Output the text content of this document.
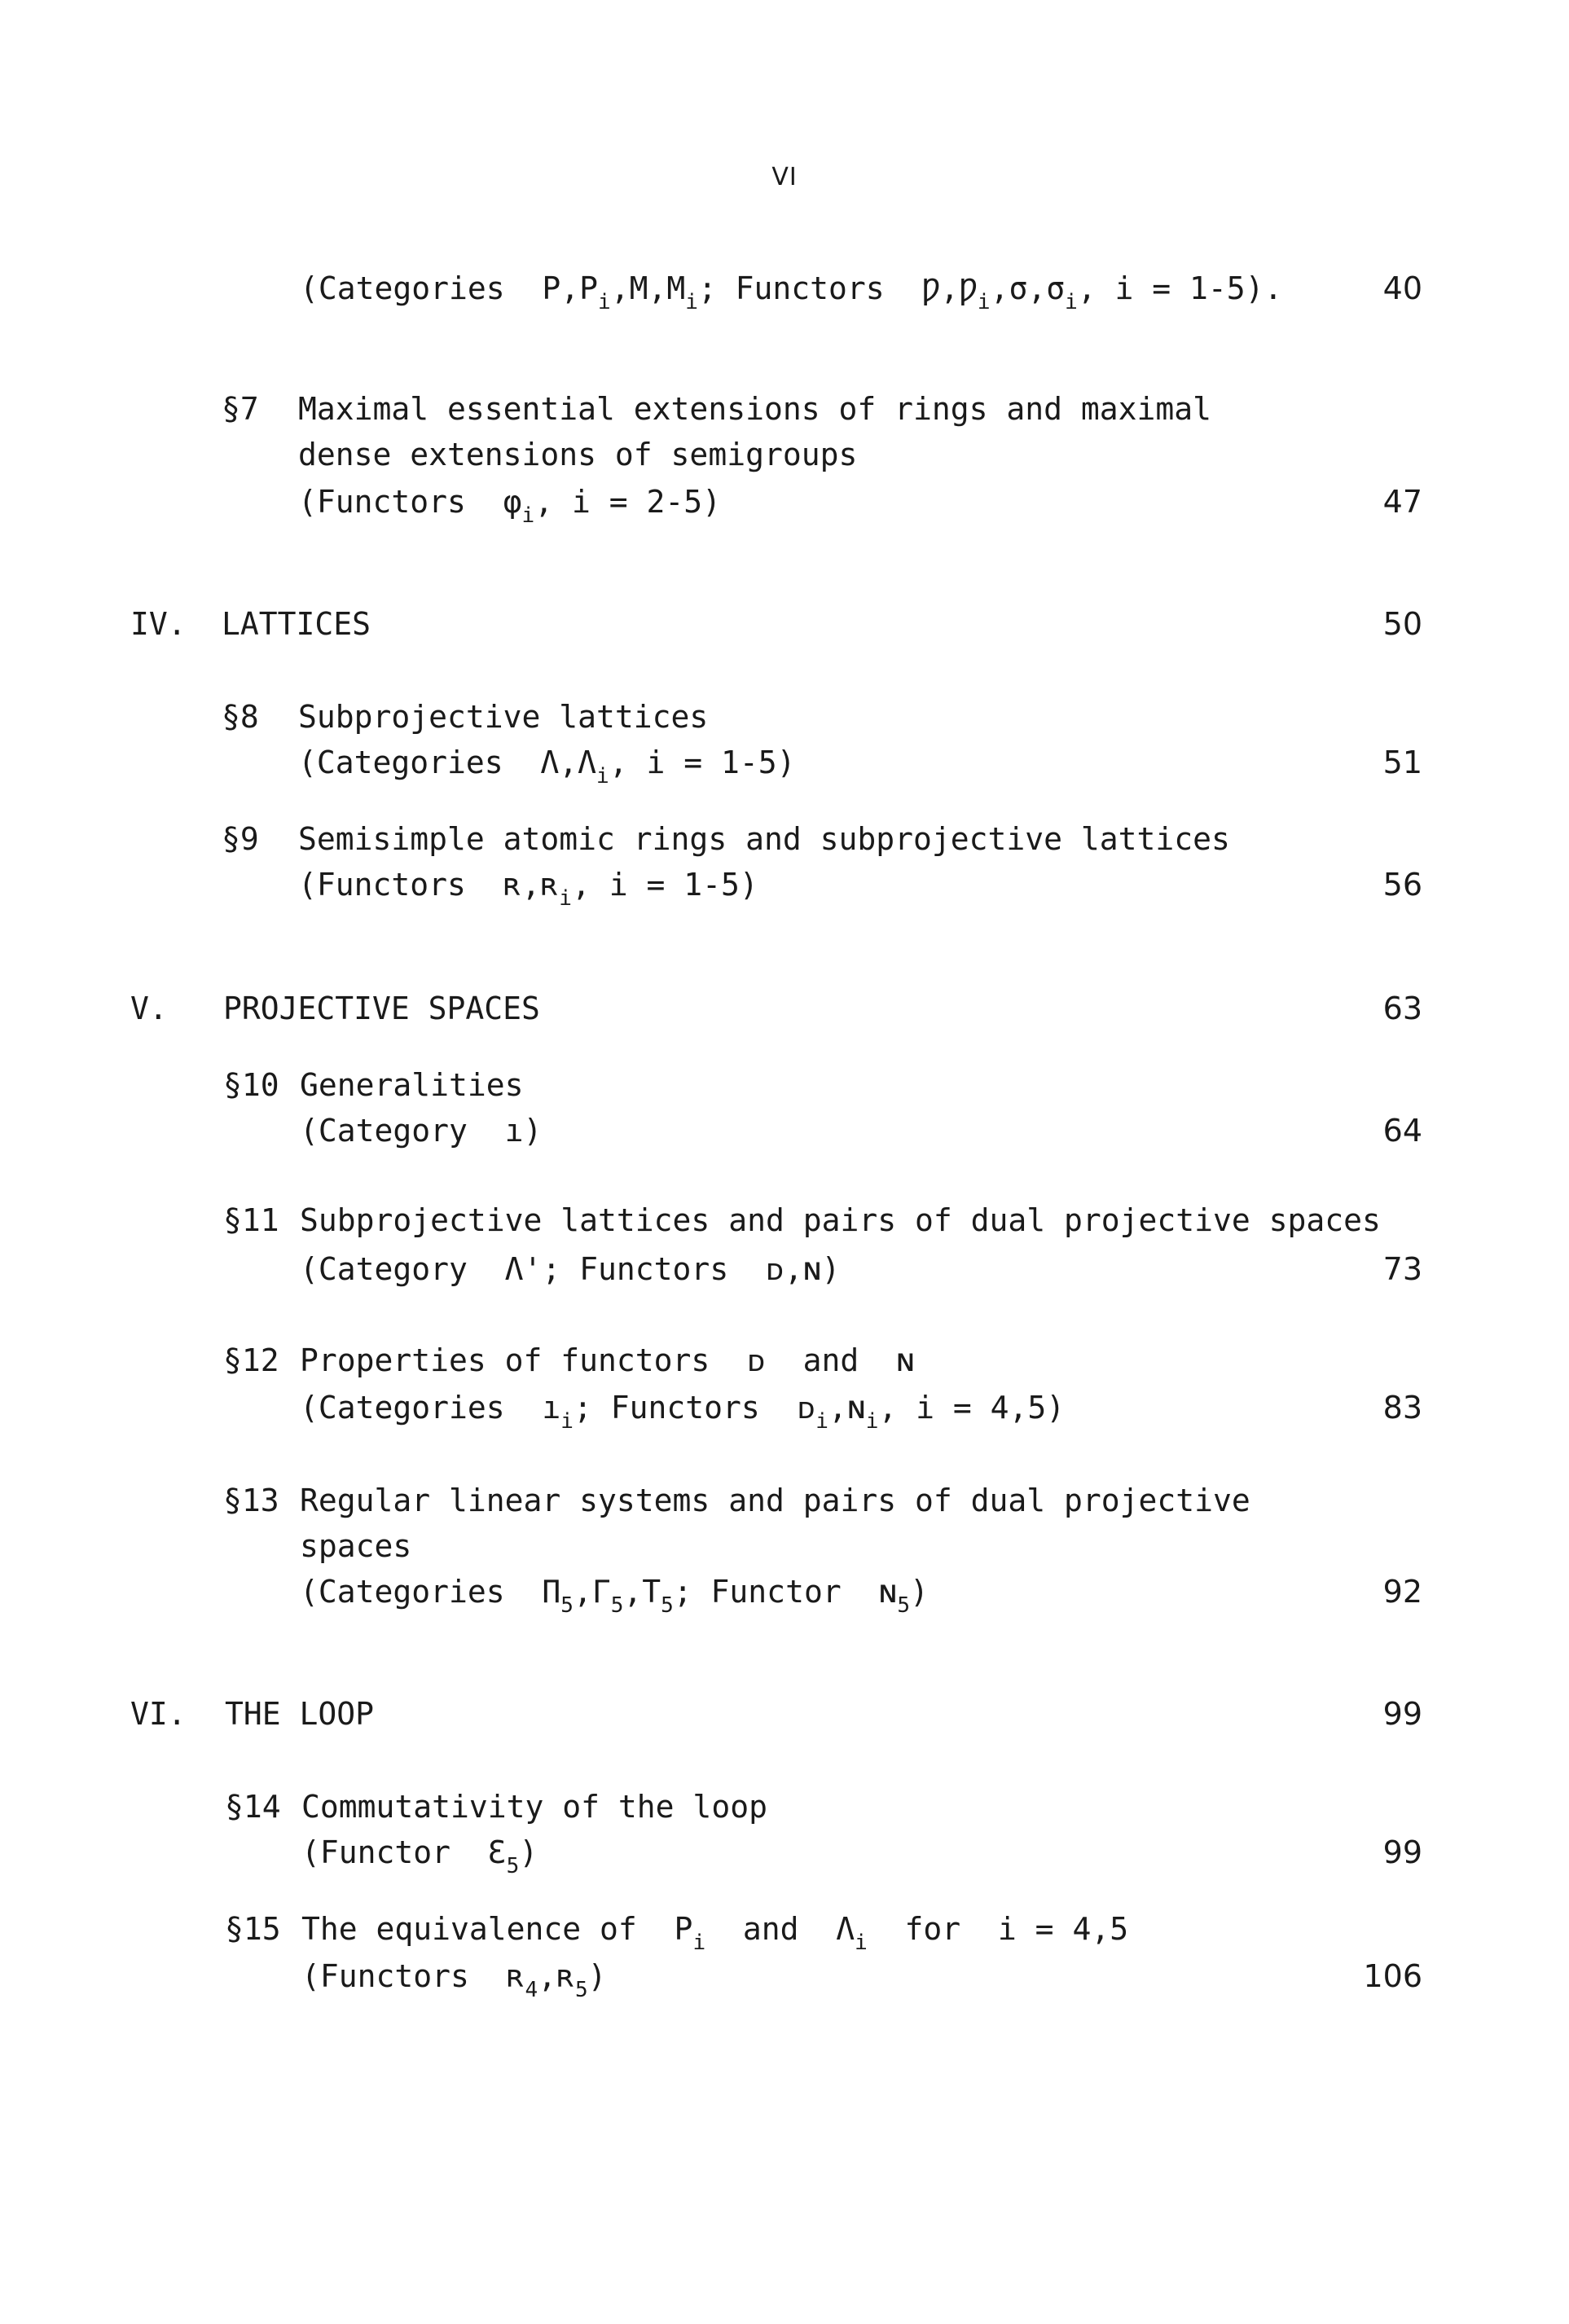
VI
(Categories  $P,P_i,M,M_i$; Functors  $Ƿ,Ƿ_i,\sigma,\sigma_i$, i = 1-5).	40
§7 Maximal essential extensions of rings and maximal
dense extensions of semigroups
(Functors  $\varphi_i$, i = 2-5)	47
IV. LATTICES	50
§8 Subprojective lattices
(Categories  $\Lambda,\Lambda_i$, i = 1-5)	51
§9 Semisimple atomic rings and subprojective lattices
(Functors  ʀ,ʀ$_i$, i = 1-5)	56
V. PROJECTIVE SPACES	63
§10 Generalities
(Category  ı)	64
§11 Subprojective lattices and pairs of dual projective spaces
(Category  Λ'; Functors  ᴅ,ɴ)	73
§12 Properties of functors  ᴅ  and  ɴ
(Categories  $ı_i$; Functors  ᴅ$_i$,ɴ$_i$, i = 4,5)	83
§13 Regular linear systems and pairs of dual projective
spaces
(Categories  $\Pi_5,\Gamma_5,T_5$; Functor  ɴ$_5$)	92
VI. THE LOOP	99
§14 Commutativity of the loop
(Functor  $Ɛ_5$)	99
§15 The equivalence of  $P_i$  and  $\Lambda_i$  for  i = 4,5
(Functors  ʀ$_4$,ʀ$_5$)	106
